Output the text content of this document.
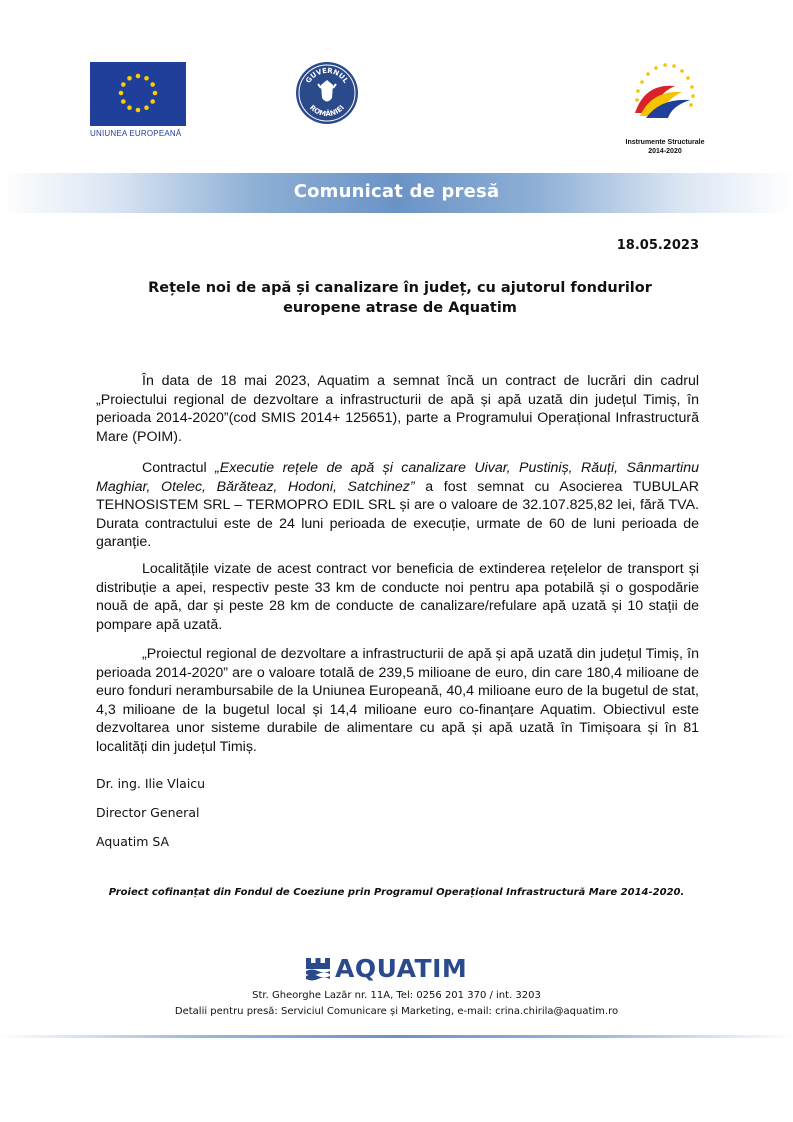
UNIUNEA EUROPEANĂ
GUVERNUL
ROMÂNIEI
Instrumente Structurale
2014-2020
Comunicat de presă
18.05.2023
Rețele noi de apă și canalizare în județ, cu ajutorul fondurilor
europene atrase de Aquatim
În data de 18 mai 2023, Aquatim a semnat încă un contract de lucrări din cadrul „Proiectului regional de dezvoltare a infrastructurii de apă și apă uzată din județul Timiș, în perioada 2014-2020”(cod SMIS 2014+ 125651), parte a Programului Operațional Infrastructură Mare (POIM).
Contractul „Executie rețele de apă și canalizare Uivar, Pustiniș, Răuți, Sânmartinu Maghiar, Otelec, Bărăteaz, Hodoni, Satchinez” a fost semnat cu Asocierea TUBULAR TEHNOSISTEM SRL – TERMOPRO EDIL SRL și are o valoare de 32.107.825,82 lei, fără TVA. Durata contractului este de 24 luni perioada de execuție, urmate de 60 de luni perioada de garanție.
Localitățile vizate de acest contract vor beneficia de extinderea rețelelor de transport și distribuție a apei, respectiv peste 33 km de conducte noi pentru apa potabilă și o gospodărie nouă de apă, dar și peste 28 km de conducte de canalizare/refulare apă uzată și 10 stații de pompare apă uzată.
„Proiectul regional de dezvoltare a infrastructurii de apă și apă uzată din județul Timiș, în perioada 2014-2020” are o valoare totală de 239,5 milioane de euro, din care 180,4 milioane de euro fonduri nerambursabile de la Uniunea Europeană, 40,4 milioane euro de la bugetul de stat, 4,3 milioane de la bugetul local și 14,4 milioane euro co-finanțare Aquatim. Obiectivul este dezvoltarea unor sisteme durabile de alimentare cu apă și apă uzată în Timișoara și în 81 localități din județul Timiș.
Dr. ing. Ilie Vlaicu
Director General
Aquatim SA
Proiect cofinanțat din Fondul de Coeziune prin Programul Operațional Infrastructură Mare 2014-2020.
AQUATIM
Str. Gheorghe Lazăr nr. 11A, Tel: 0256 201 370 / int. 3203
Detalii pentru presă: Serviciul Comunicare și Marketing, e-mail: crina.chirila@aquatim.ro
